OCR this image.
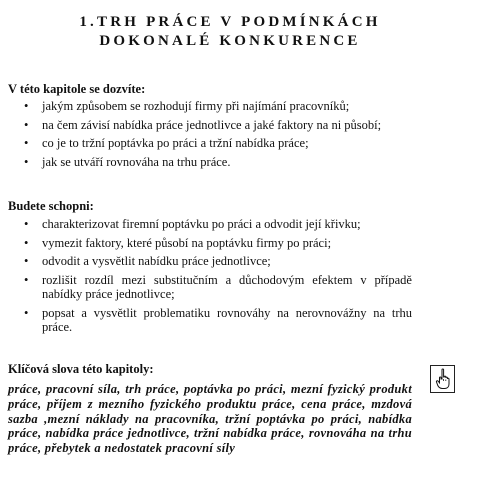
1.TRH PRÁCE V PODMÍNKÁCH
DOKONALÉ KONKURENCE
V této kapitole se dozvíte:
• jakým způsobem se rozhodují firmy při najímání pracovníků;
• na čem závisí nabídka práce jednotlivce a jaké faktory na ni působí;
• co je to tržní poptávka po práci a tržní nabídka práce;
• jak se utváří rovnováha na trhu práce.
Budete schopni:
• charakterizovat firemní poptávku po práci a odvodit její křivku;
• vymezit faktory, které působí na poptávku firmy po práci;
• odvodit a vysvětlit nabídku práce jednotlivce;
• rozlišit rozdíl mezi substitučním a důchodovým efektem v případě nabídky práce jednotlivce;
• popsat a vysvětlit problematiku rovnováhy na nerovnovážny na trhu práce.
Klíčová slova této kapitoly:
práce, pracovní síla, trh práce, poptávka po práci, mezní fyzický produkt práce, příjem z mezního fyzického produktu práce, cena práce, mzdová sazba ,mezní náklady na pracovníka, tržní poptávka po práci, nabídka práce, nabídka práce jednotlivce, tržní nabídka práce, rovnováha na trhu práce, přebytek a nedostatek pracovní síly
